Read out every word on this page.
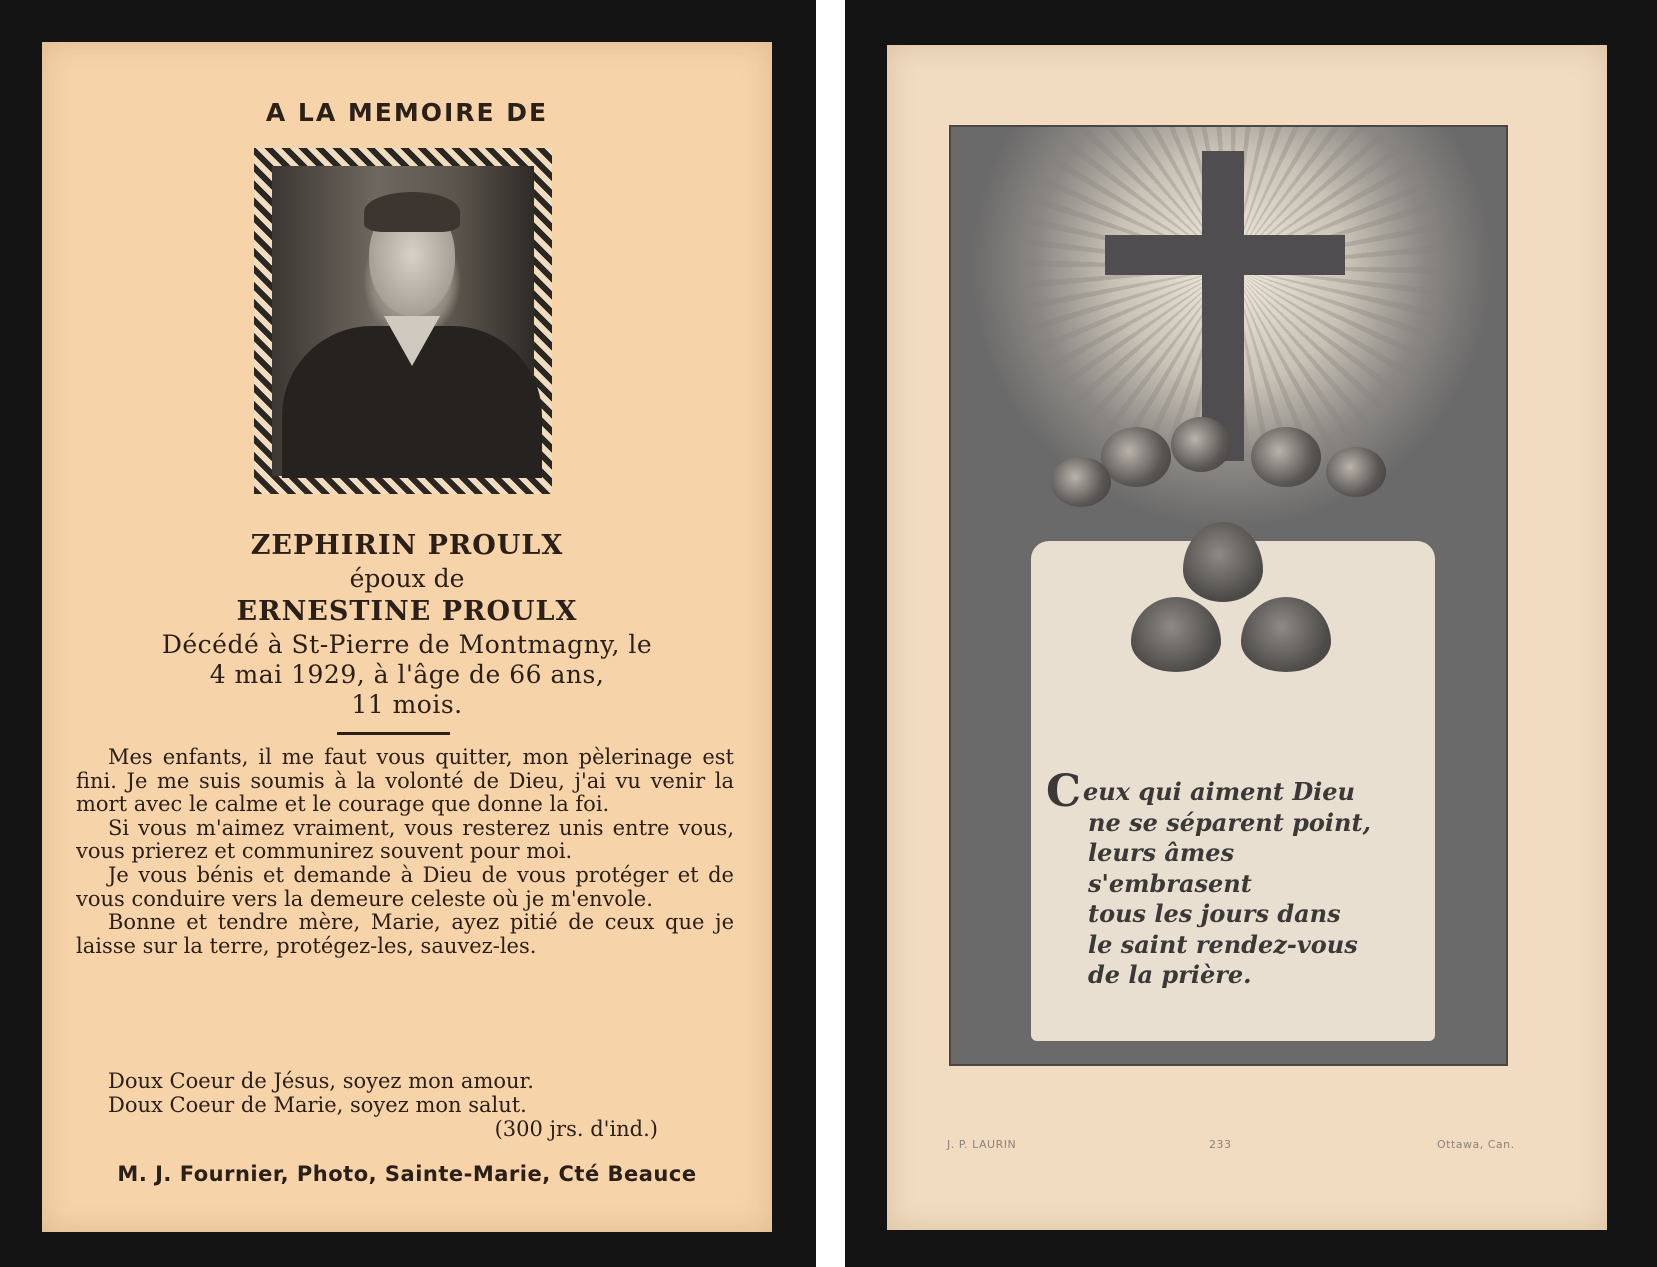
A LA MEMOIRE DE
ZEPHIRIN PROULX
époux de
ERNESTINE PROULX
Décédé à St-Pierre de Montmagny, le
4 mai 1929, à l'âge de 66 ans,
11 mois.

Mes enfants, il me faut vous quitter, mon pèlerinage est fini. Je me suis soumis à la volonté de Dieu, j'ai vu venir la mort avec le calme et le courage que donne la foi.

Si vous m'aimez vraiment, vous resterez unis entre vous, vous prierez et communirez souvent pour moi.

Je vous bénis et demande à Dieu de vous protéger et de vous conduire vers la demeure celeste où je m'envole.

Bonne et tendre mère, Marie, ayez pitié de ceux que je laisse sur la terre, protégez-les, sauvez-les.

Doux Coeur de Jésus, soyez mon amour.
Doux Coeur de Marie, soyez mon salut.
(300 jrs. d'ind.)
M. J. Fournier, Photo, Sainte-Marie, Cté Beauce
Ceux qui aiment Dieu
ne se séparent point,
leurs âmes s'embrasent
tous les jours dans
le saint rendez-vous
de la prière.
J. P. LAURIN	233	Ottawa, Can.
